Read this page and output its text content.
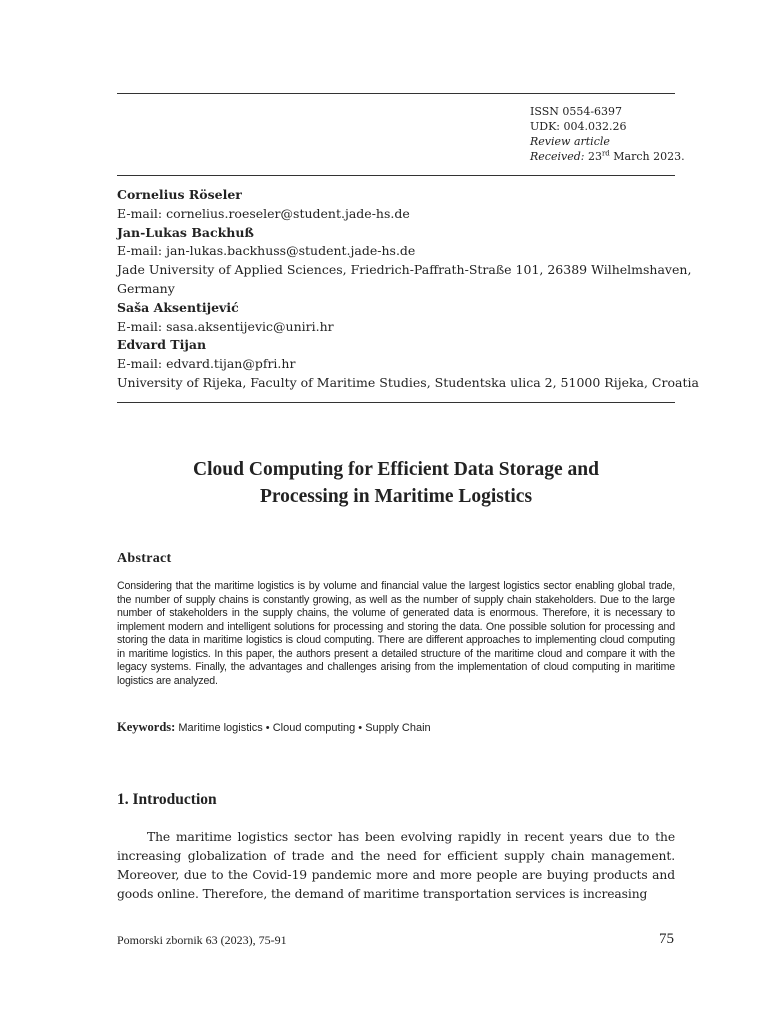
ISSN 0554-6397
UDK: 004.032.26
Review article
Received: 23rd March 2023.
Cornelius Röseler
E-mail: cornelius.roeseler@student.jade-hs.de
Jan-Lukas Backhuß
E-mail: jan-lukas.backhuss@student.jade-hs.de
Jade University of Applied Sciences, Friedrich-Paffrath-Straße 101, 26389 Wilhelmshaven,
Germany
Saša Aksentijević
E-mail: sasa.aksentijevic@uniri.hr
Edvard Tijan
E-mail: edvard.tijan@pfri.hr
University of Rijeka, Faculty of Maritime Studies, Studentska ulica 2, 51000 Rijeka, Croatia
Cloud Computing for Efficient Data Storage and
Processing in Maritime Logistics
Abstract
Considering that the maritime logistics is by volume and financial value the largest logistics sector enabling global trade, the number of supply chains is constantly growing, as well as the number of supply chain stakeholders. Due to the large number of stakeholders in the supply chains, the volume of generated data is enormous. Therefore, it is necessary to implement modern and intelligent solutions for processing and storing the data. One possible solution for processing and storing the data in maritime logistics is cloud computing. There are different approaches to implementing cloud computing in maritime logistics. In this paper, the authors present a detailed structure of the maritime cloud and compare it with the legacy systems. Finally, the advantages and challenges arising from the implementation of cloud computing in maritime logistics are analyzed.
Keywords: Maritime logistics • Cloud computing • Supply Chain
1. Introduction
The maritime logistics sector has been evolving rapidly in recent years due to the increasing globalization of trade and the need for efficient supply chain management. Moreover, due to the Covid-19 pandemic more and more people are buying products and goods online. Therefore, the demand of maritime transportation services is increasing
Pomorski zbornik 63 (2023), 75-91	75
